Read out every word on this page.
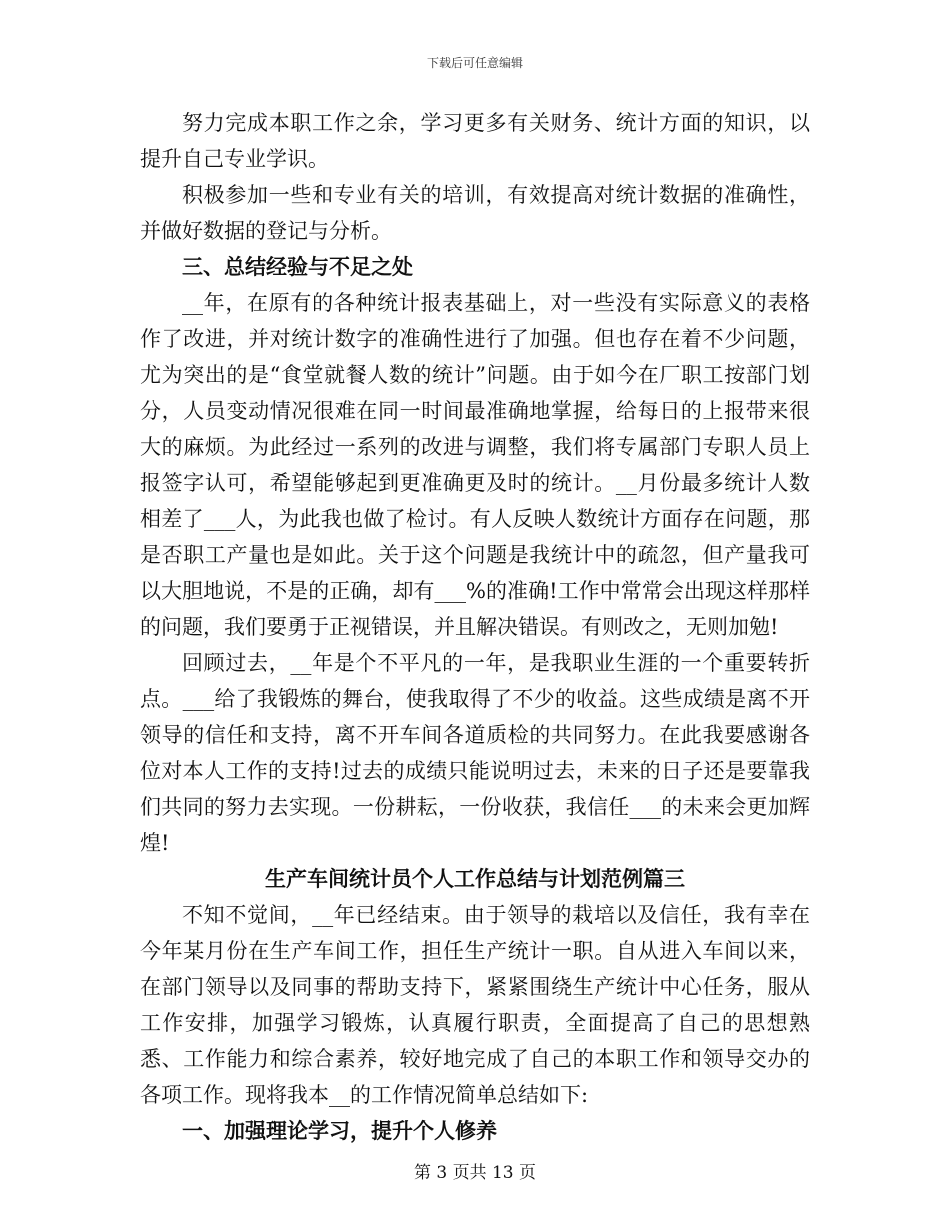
下载后可任意编辑

努力完成本职工作之余，学习更多有关财务、统计方面的知识，以提升自己专业学识。

积极参加一些和专业有关的培训，有效提高对统计数据的准确性，并做好数据的登记与分析。

三、总结经验与不足之处

__年，在原有的各种统计报表基础上，对一些没有实际意义的表格作了改进，并对统计数字的准确性进行了加强。但也存在着不少问题，尤为突出的是“食堂就餐人数的统计”问题。由于如今在厂职工按部门划分，人员变动情况很难在同一时间最准确地掌握，给每日的上报带来很大的麻烦。为此经过一系列的改进与调整，我们将专属部门专职人员上报签字认可，希望能够起到更准确更及时的统计。__月份最多统计人数相差了___人，为此我也做了检讨。有人反映人数统计方面存在问题，那是否职工产量也是如此。关于这个问题是我统计中的疏忽，但产量我可以大胆地说，不是的正确，却有___%的准确!工作中常常会出现这样那样的问题，我们要勇于正视错误，并且解决错误。有则改之，无则加勉!

回顾过去，__年是个不平凡的一年，是我职业生涯的一个重要转折点。___给了我锻炼的舞台，使我取得了不少的收益。这些成绩是离不开领导的信任和支持，离不开车间各道质检的共同努力。在此我要感谢各位对本人工作的支持!过去的成绩只能说明过去，未来的日子还是要靠我们共同的努力去实现。一份耕耘，一份收获，我信任___的未来会更加辉煌!

生产车间统计员个人工作总结与计划范例篇三

不知不觉间，__年已经结束。由于领导的栽培以及信任，我有幸在今年某月份在生产车间工作，担任生产统计一职。自从进入车间以来，在部门领导以及同事的帮助支持下，紧紧围绕生产统计中心任务，服从工作安排，加强学习锻炼，认真履行职责，全面提高了自己的思想熟悉、工作能力和综合素养，较好地完成了自己的本职工作和领导交办的各项工作。现将我本__的工作情况简单总结如下:

一、加强理论学习，提升个人修养
第 3 页共 13 页
